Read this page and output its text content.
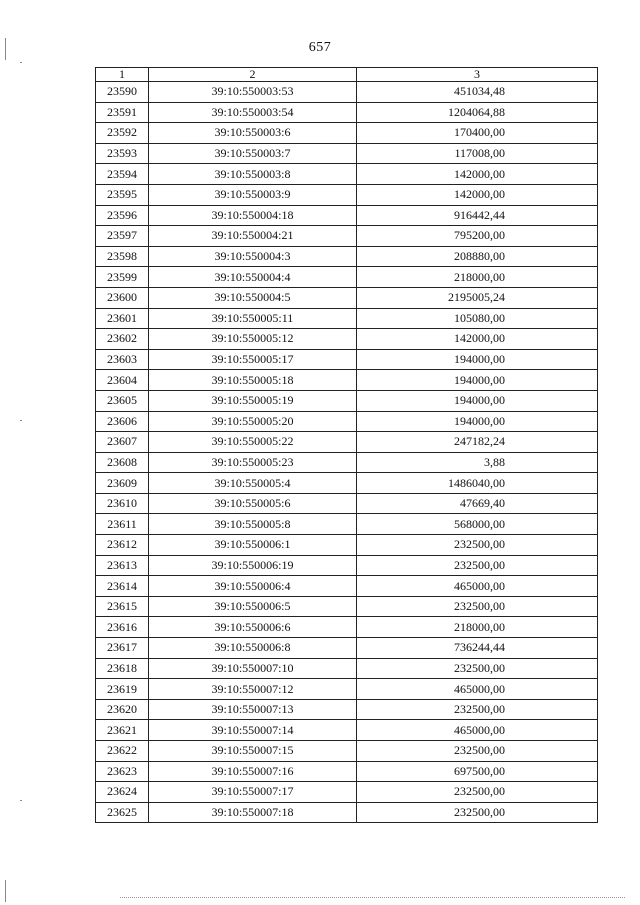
657
1	2	3
23590	39:10:550003:53	451034,48
23591	39:10:550003:54	1204064,88
23592	39:10:550003:6	170400,00
23593	39:10:550003:7	117008,00
23594	39:10:550003:8	142000,00
23595	39:10:550003:9	142000,00
23596	39:10:550004:18	916442,44
23597	39:10:550004:21	795200,00
23598	39:10:550004:3	208880,00
23599	39:10:550004:4	218000,00
23600	39:10:550004:5	2195005,24
23601	39:10:550005:11	105080,00
23602	39:10:550005:12	142000,00
23603	39:10:550005:17	194000,00
23604	39:10:550005:18	194000,00
23605	39:10:550005:19	194000,00
23606	39:10:550005:20	194000,00
23607	39:10:550005:22	247182,24
23608	39:10:550005:23	3,88
23609	39:10:550005:4	1486040,00
23610	39:10:550005:6	47669,40
23611	39:10:550005:8	568000,00
23612	39:10:550006:1	232500,00
23613	39:10:550006:19	232500,00
23614	39:10:550006:4	465000,00
23615	39:10:550006:5	232500,00
23616	39:10:550006:6	218000,00
23617	39:10:550006:8	736244,44
23618	39:10:550007:10	232500,00
23619	39:10:550007:12	465000,00
23620	39:10:550007:13	232500,00
23621	39:10:550007:14	465000,00
23622	39:10:550007:15	232500,00
23623	39:10:550007:16	697500,00
23624	39:10:550007:17	232500,00
23625	39:10:550007:18	232500,00
